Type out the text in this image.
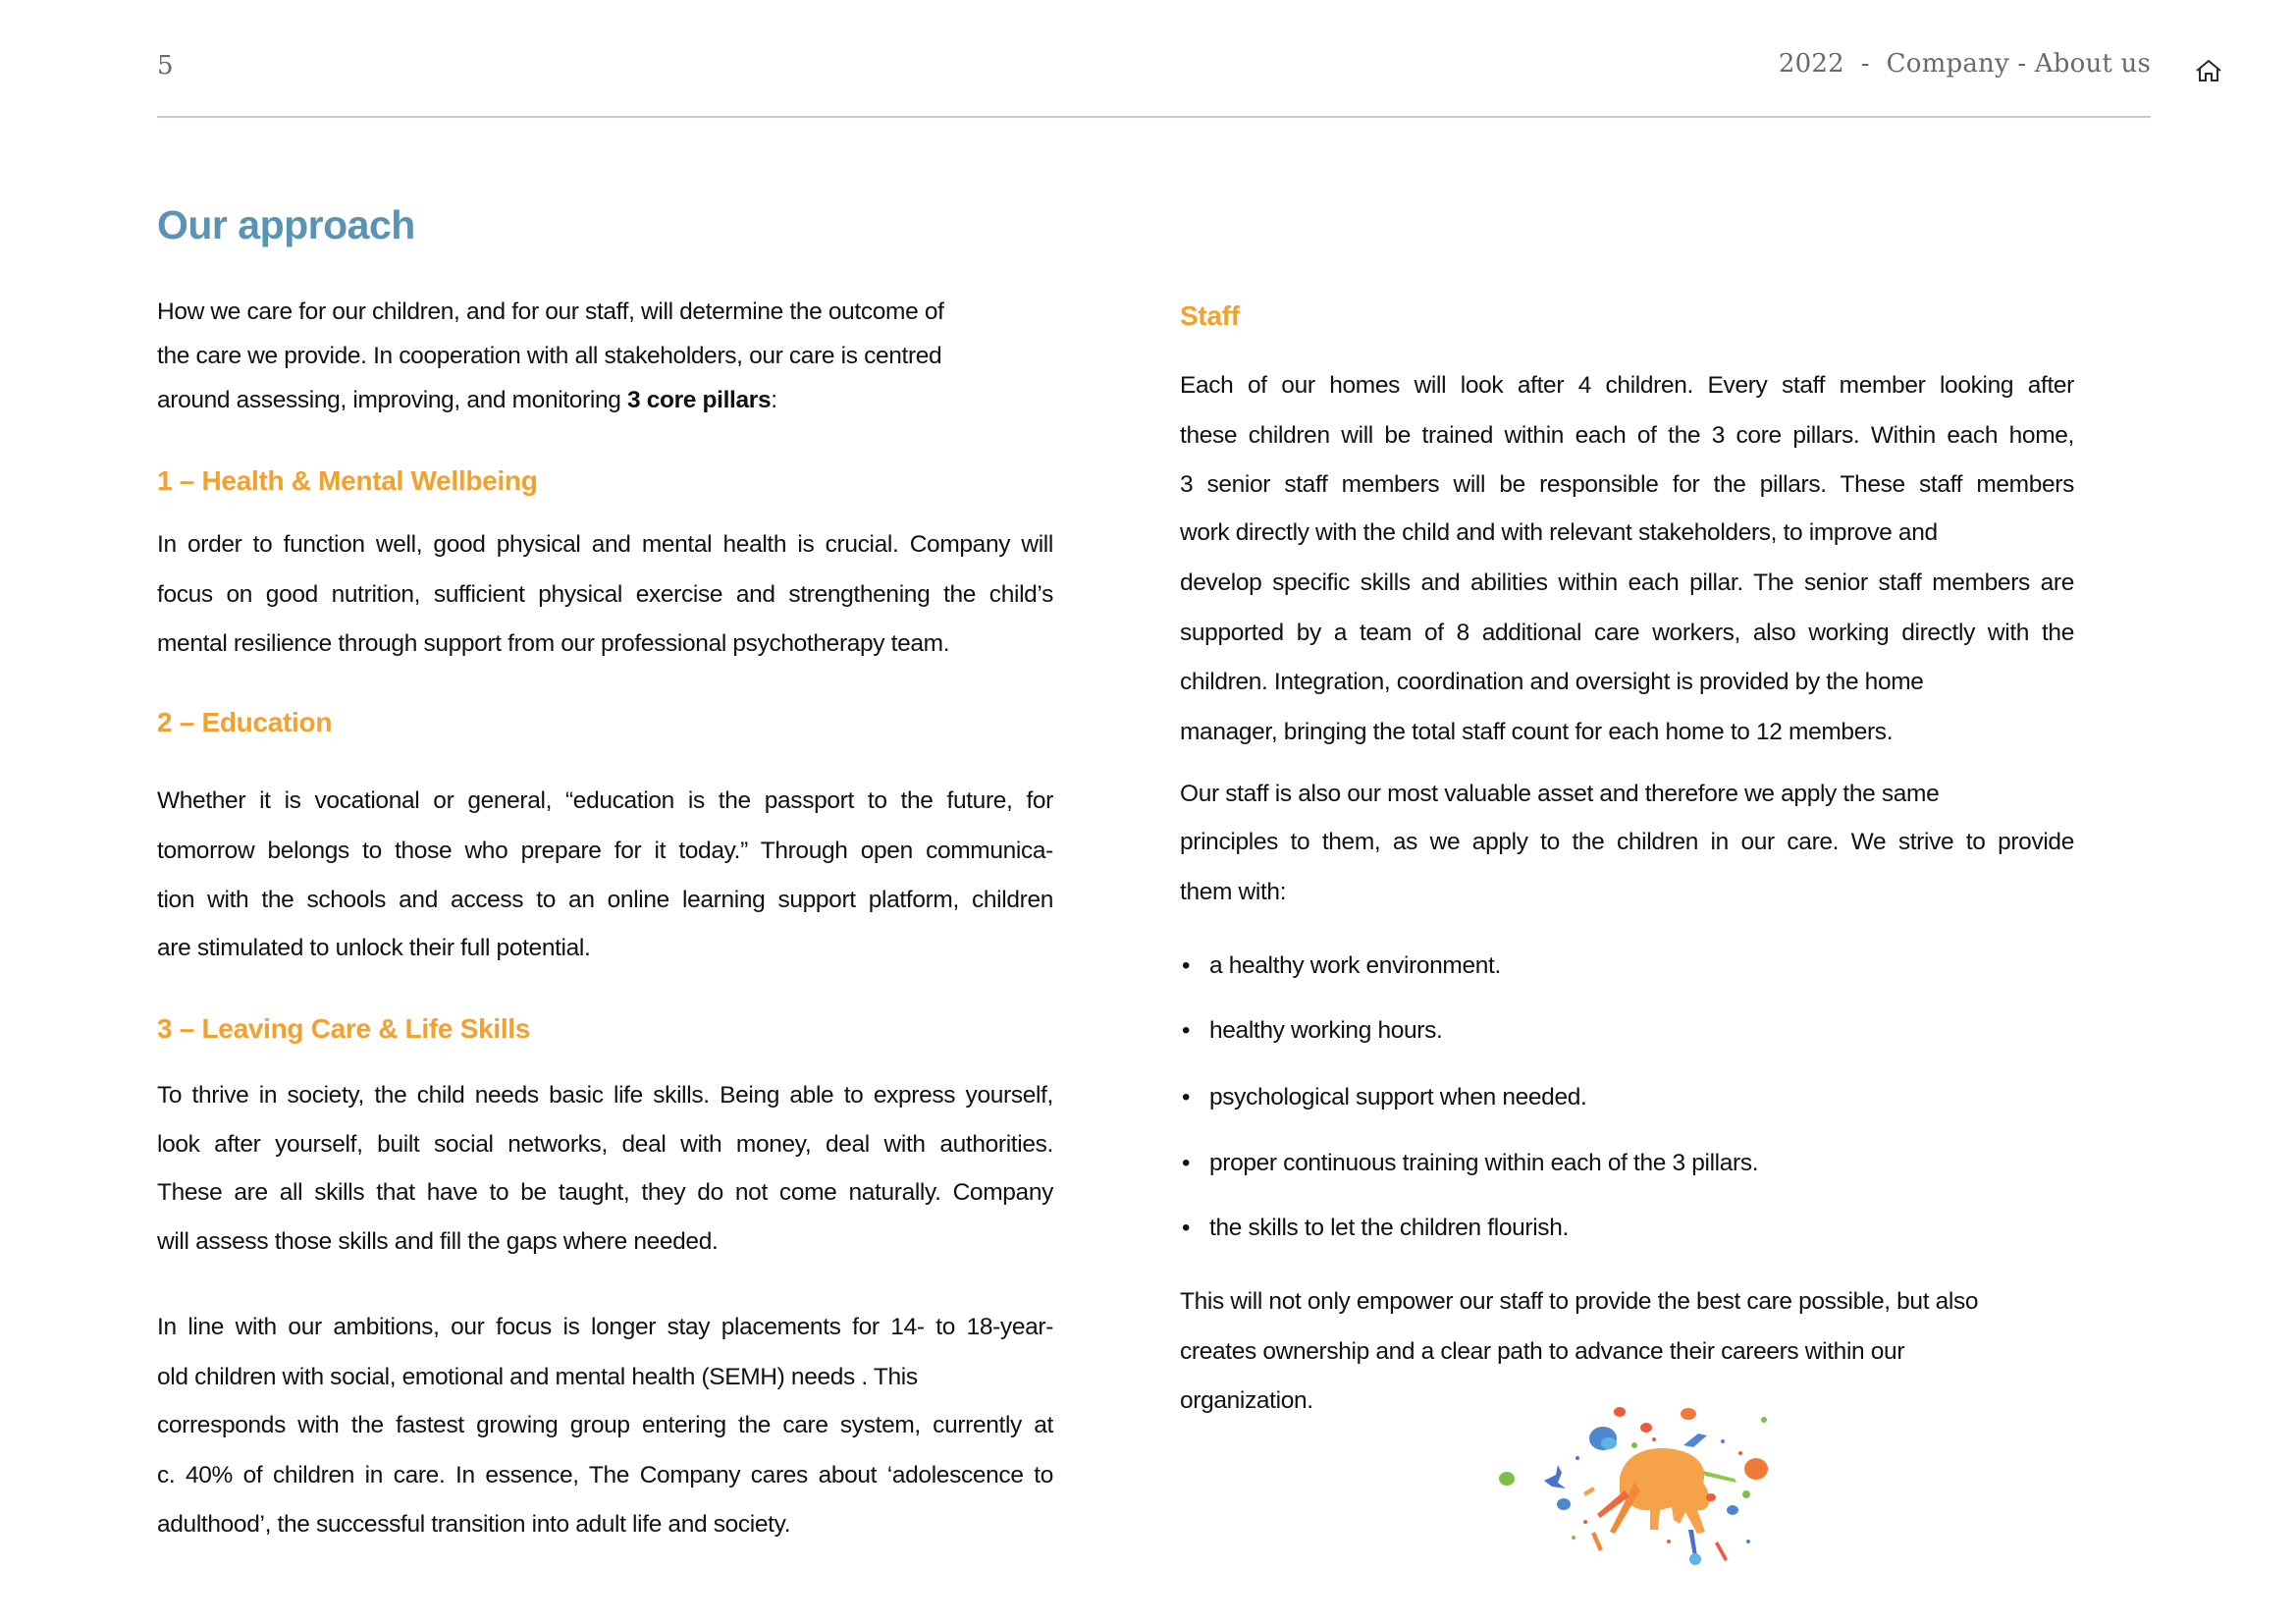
5	2022  -  Company - About us
Our approach
How we care for our children, and for our staff, will determine the outcome of
the care we provide. In cooperation with all stakeholders, our care is centred
around assessing, improving, and monitoring 3 core pillars:
1 – Health & Mental Wellbeing
In order to function well, good physical and mental health is crucial. Company will
focus on good nutrition, sufficient physical exercise and strengthening the child’s
mental resilience through support from our professional psychotherapy team.
2 – Education
Whether it is vocational or general, “education is the passport to the future, for
tomorrow belongs to those who prepare for it today.” Through open communica-
tion with the schools and access to an online learning support platform, children
are stimulated to unlock their full potential.
3 – Leaving Care & Life Skills
To thrive in society, the child needs basic life skills. Being able to express yourself,
look after yourself, built social networks, deal with money, deal with authorities.
These are all skills that have to be taught, they do not come naturally. Company
will assess those skills and fill the gaps where needed.
In line with our ambitions, our focus is longer stay placements for 14- to 18-year-
old children with social, emotional and mental health (SEMH) needs . This
corresponds with the fastest growing group entering the care system, currently at
c. 40% of children in care. In essence, The Company cares about ‘adolescence to
adulthood’, the successful transition into adult life and society.
Staff
Each of our homes will look after 4 children. Every staff member looking after
these children will be trained within each of the 3 core pillars. Within each home,
3 senior staff members will be responsible for the pillars. These staff members
work directly with the child and with relevant stakeholders, to improve and
develop specific skills and abilities within each pillar. The senior staff members are
supported by a team of 8 additional care workers, also working directly with the
children. Integration, coordination and oversight is provided by the home
manager, bringing the total staff count for each home to 12 members.
Our staff is also our most valuable asset and therefore we apply the same
principles to them, as we apply to the children in our care. We strive to provide
them with:
• a healthy work environment.
• healthy working hours.
• psychological support when needed.
• proper continuous training within each of the 3 pillars.
• the skills to let the children flourish.
This will not only empower our staff to provide the best care possible, but also
creates ownership and a clear path to advance their careers within our
organization.
